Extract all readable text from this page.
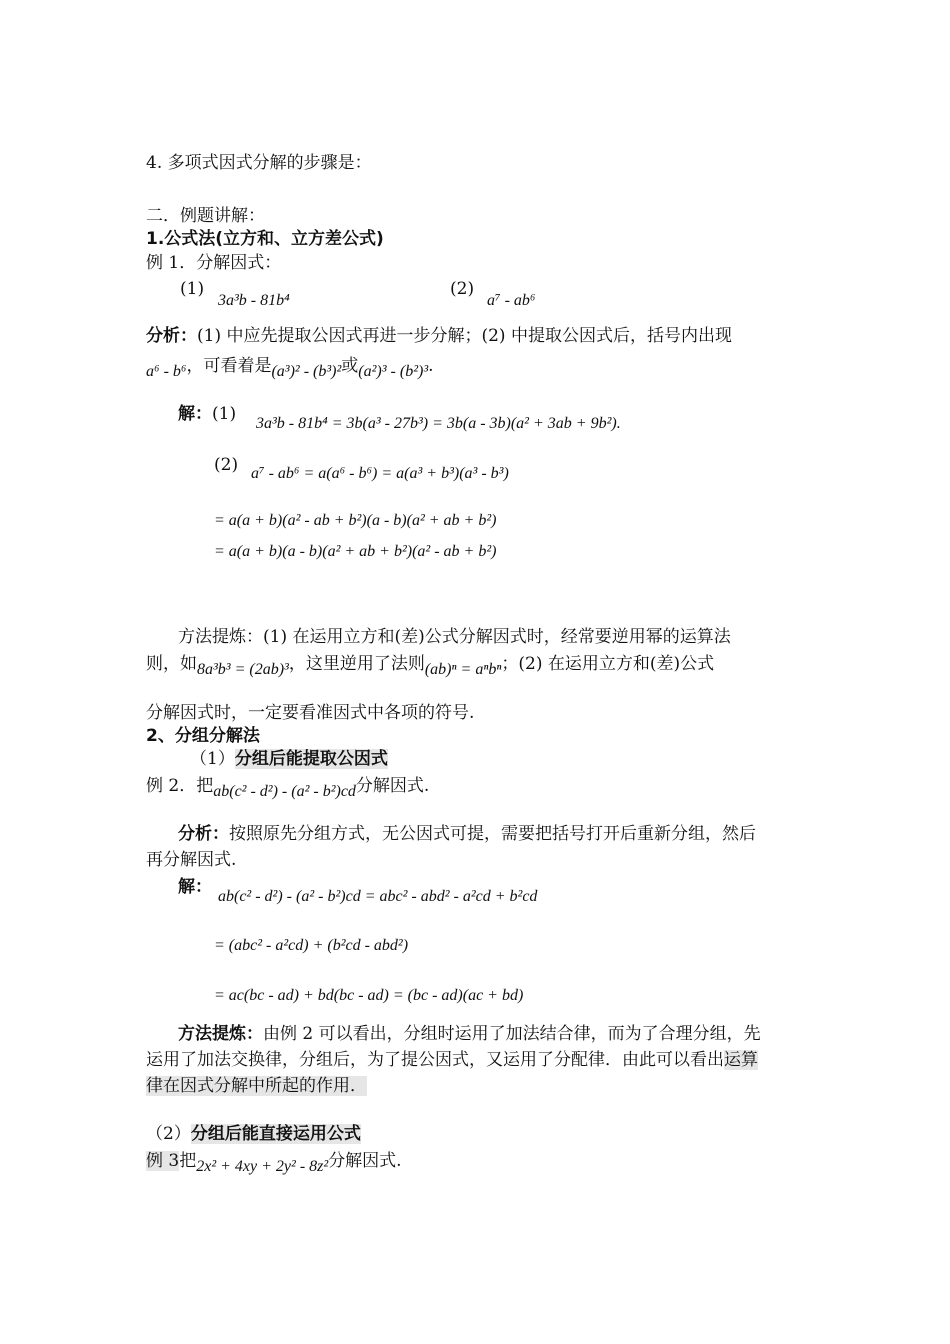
4. 多项式因式分解的步骤是：
二．例题讲解：
1.公式法(立方和、立方差公式)
例 1．分解因式：
(1)
3a³b - 81b⁴
(2)
a⁷ - ab⁶
分析：(1) 中应先提取公因式再进一步分解；(2) 中提取公因式后，括号内出现
a⁶ - b⁶，可看着是(a³)² - (b³)²或(a²)³ - (b²)³.
解：(1) 3a³b - 81b⁴ = 3b(a³ - 27b³) = 3b(a - 3b)(a² + 3ab + 9b²).
(2) a⁷ - ab⁶ = a(a⁶ - b⁶) = a(a³ + b³)(a³ - b³)
= a(a + b)(a² - ab + b²)(a - b)(a² + ab + b²)
= a(a + b)(a - b)(a² + ab + b²)(a² - ab + b²)
方法提炼：(1) 在运用立方和(差)公式分解因式时，经常要逆用幂的运算法
则，如8a³b³ = (2ab)³，这里逆用了法则(ab)ⁿ = aⁿbⁿ；(2) 在运用立方和(差)公式
分解因式时，一定要看准因式中各项的符号.
2、分组分解法
（1）分组后能提取公因式
例 2．把ab(c² - d²) - (a² - b²)cd分解因式.
分析：按照原先分组方式，无公因式可提，需要把括号打开后重新分组，然后
再分解因式.
解： ab(c² - d²) - (a² - b²)cd = abc² - abd² - a²cd + b²cd
= (abc² - a²cd) + (b²cd - abd²)
= ac(bc - ad) + bd(bc - ad) = (bc - ad)(ac + bd)
方法提炼：由例 2 可以看出，分组时运用了加法结合律，而为了合理分组，先
运用了加法交换律，分组后，为了提公因式，又运用了分配律．由此可以看出运算
律在因式分解中所起的作用．
（2）分组后能直接运用公式
例 3把2x² + 4xy + 2y² - 8z²分解因式.
